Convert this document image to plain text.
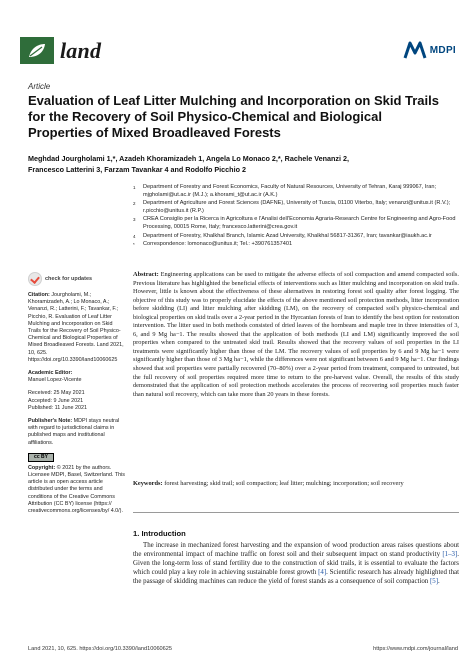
land	MDPI
Article
Evaluation of Leaf Litter Mulching and Incorporation on Skid Trails for the Recovery of Soil Physico-Chemical and Biological Properties of Mixed Broadleaved Forests
Meghdad Jourgholami 1,*, Azadeh Khoramizadeh 1, Angela Lo Monaco 2,*, Rachele Venanzi 2,
Francesco Latterini 3, Farzam Tavankar 4 and Rodolfo Picchio 2
1	Department of Forestry and Forest Economics, Faculty of Natural Resources, University of Tehran, Karaj 999067, Iran; mjgholami@ut.ac.ir (M.J.); a.khorami_t@ut.ac.ir (A.K.)
2	Department of Agriculture and Forest Sciences (DAFNE), University of Tuscia, 01100 Viterbo, Italy; venanzi@unitus.it (R.V.); r.picchio@unitus.it (R.P.)
3	CREA Consiglio per la Ricerca in Agricoltura e l'Analisi dell'Economia Agraria-Research Centre for Engineering and Agro-Food Processing, 00015 Rome, Italy; francesco.latterini@crea.gov.it
4	Department of Forestry, Khalkhal Branch, Islamic Azad University, Khalkhal 56817-31367, Iran; tavankar@iaukh.ac.ir
*	Correspondence: lomonaco@unitus.it; Tel.: +390761357401
check for updates
Citation: Jourgholami, M.; Khoramizadeh, A.; Lo Monaco, A.; Venanzi, R.; Latterini, F.; Tavankar, F.; Picchio, R. Evaluation of Leaf Litter Mulching and Incorporation on Skid Trails for the Recovery of Soil Physico-Chemical and Biological Properties of Mixed Broadleaved Forests. Land 2021, 10, 625. https://doi.org/10.3390/land10060625
Academic Editor:
Manuel Lopez-Vicente
Received: 25 May 2021
Accepted: 9 June 2021
Published: 11 June 2021
Publisher's Note: MDPI stays neutral with regard to jurisdictional claims in published maps and institutional affiliations.
cc BY
Copyright: © 2021 by the authors. Licensee MDPI, Basel, Switzerland. This article is an open access article distributed under the terms and conditions of the Creative Commons Attribution (CC BY) license (https:// creativecommons.org/licenses/by/ 4.0/).
Abstract: Engineering applications can be used to mitigate the adverse effects of soil compaction and amend compacted soils. Previous literature has highlighted the beneficial effects of interventions such as litter mulching and incorporation on skid trails. However, little is known about the effectiveness of these alternatives in restoring forest soil quality after forest logging. The objective of this study was to properly elucidate the effects of the above mentioned soil protection methods, litter incorporation before skidding (LI) and litter mulching after skidding (LM), on the recovery of compacted soil's physico-chemical and biological properties on skid trails over a 2-year period in the Hyrcanian forests of Iran to identify the best option for restoration intervention. The litter used in both methods consisted of dried leaves of the hornbeam and maple tree in three intensities of 3, 6, and 9 Mg ha−1. The results showed that the application of both methods (LI and LM) significantly improved the soil properties when compared to the untreated skid trail. Results showed that the recovery values of soil properties in the LI treatments were significantly higher than those of the LM. The recovery values of soil properties by 6 and 9 Mg ha−1 were significantly higher than those of 3 Mg ha−1, while the differences were not significant between 6 and 9 Mg ha−1. Our findings showed that soil properties were partially recovered (70–80%) over a 2-year period from treatment, compared to untreated, but the full recovery of soil properties required more time to return to the pre-harvest value. Overall, the results of this study demonstrated that the application of soil protection methods accelerates the process of recovering soil properties much faster than natural soil recovery, which can take more than 20 years in these forests.
Keywords: forest harvesting; skid trail; soil compaction; leaf litter; mulching; incorporation; soil recovery
1. Introduction

The increase in mechanized forest harvesting and the expansion of wood production areas raises questions about the environmental impact of machine traffic on forest soil and their subsequent impact on stand productivity [1–3]. Given the long-term loss of stand fertility due to the construction of skid trails, it is essential to evaluate the factors which could play a key role in achieving sustainable forest growth [4]. Scientific research has already highlighted that the passage of skidding machines can reduce the yield of forest stands as a consequence of soil compaction [5].

Land 2021, 10, 625. https://doi.org/10.3390/land10060625	https://www.mdpi.com/journal/land
